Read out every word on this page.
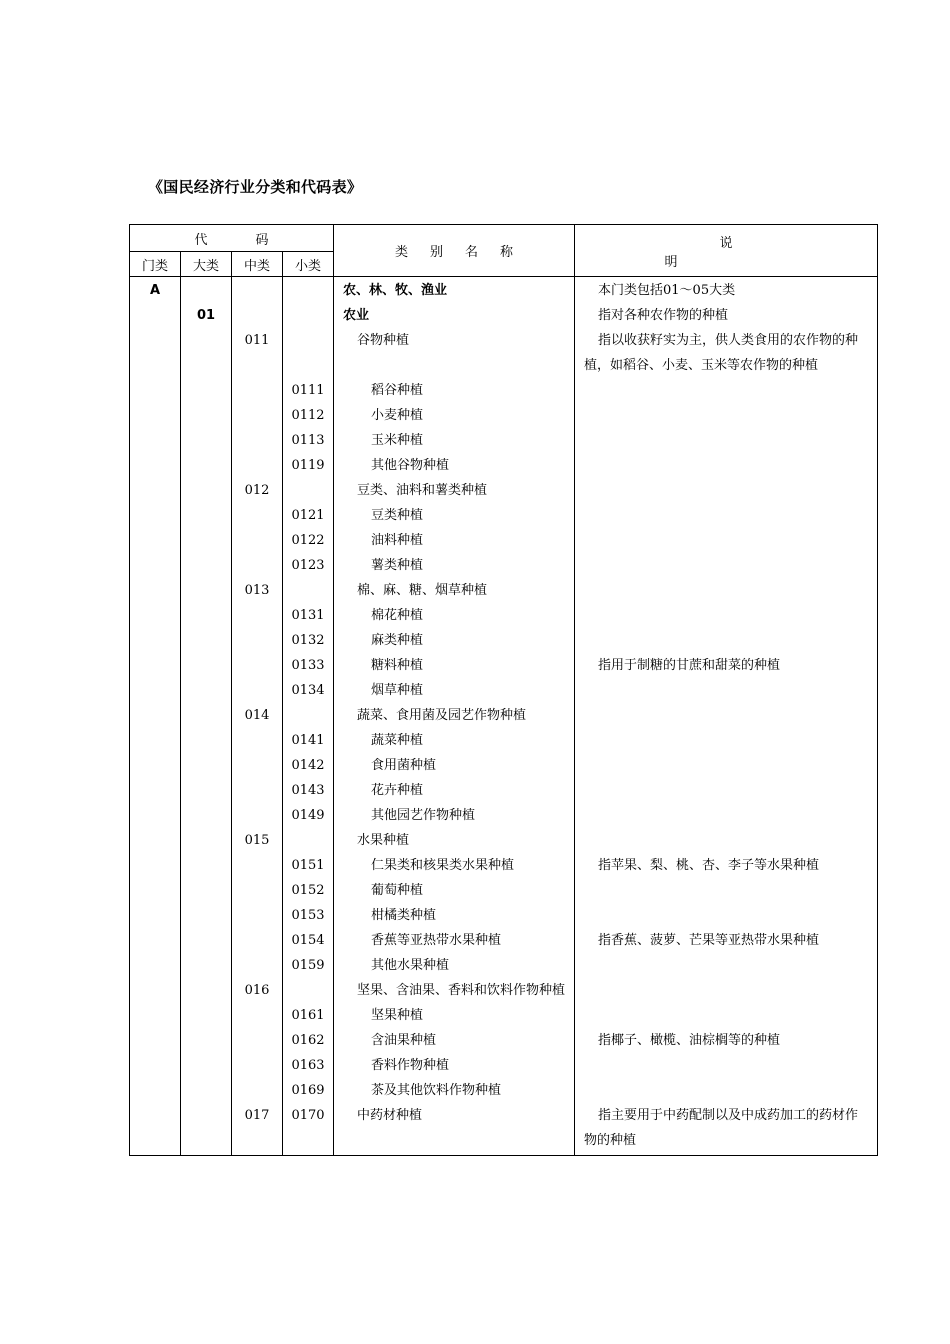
《国民经济行业分类和代码表》
代码				类别名称	说明
门类	大类	中类	小类		
A				农、林、牧、渔业	本门类包括01～05大类

	01			农业	指对各种农作物的种植

		011		谷物种植	指以收获籽实为主，供人类食用的农作物的种植，如稻谷、小麦、玉米等农作物的种植

			0111	稻谷种植	

			0112	小麦种植	

			0113	玉米种植	

			0119	其他谷物种植	

		012		豆类、油料和薯类种植	

			0121	豆类种植	

			0122	油料种植	

			0123	薯类种植	

		013		棉、麻、糖、烟草种植	

			0131	棉花种植	

			0132	麻类种植	

			0133	糖料种植	指用于制糖的甘蔗和甜菜的种植

			0134	烟草种植	

		014		蔬菜、食用菌及园艺作物种植	

			0141	蔬菜种植	

			0142	食用菌种植	

			0143	花卉种植	

			0149	其他园艺作物种植	

		015		水果种植	

			0151	仁果类和核果类水果种植	指苹果、梨、桃、杏、李子等水果种植

			0152	葡萄种植	

			0153	柑橘类种植	

			0154	香蕉等亚热带水果种植	指香蕉、菠萝、芒果等亚热带水果种植

			0159	其他水果种植	

		016		坚果、含油果、香料和饮料作物种植	

			0161	坚果种植	

			0162	含油果种植	指椰子、橄榄、油棕榈等的种植

			0163	香料作物种植	

			0169	茶及其他饮料作物种植	

		017	0170	中药材种植	指主要用于中药配制以及中成药加工的药材作物的种植
